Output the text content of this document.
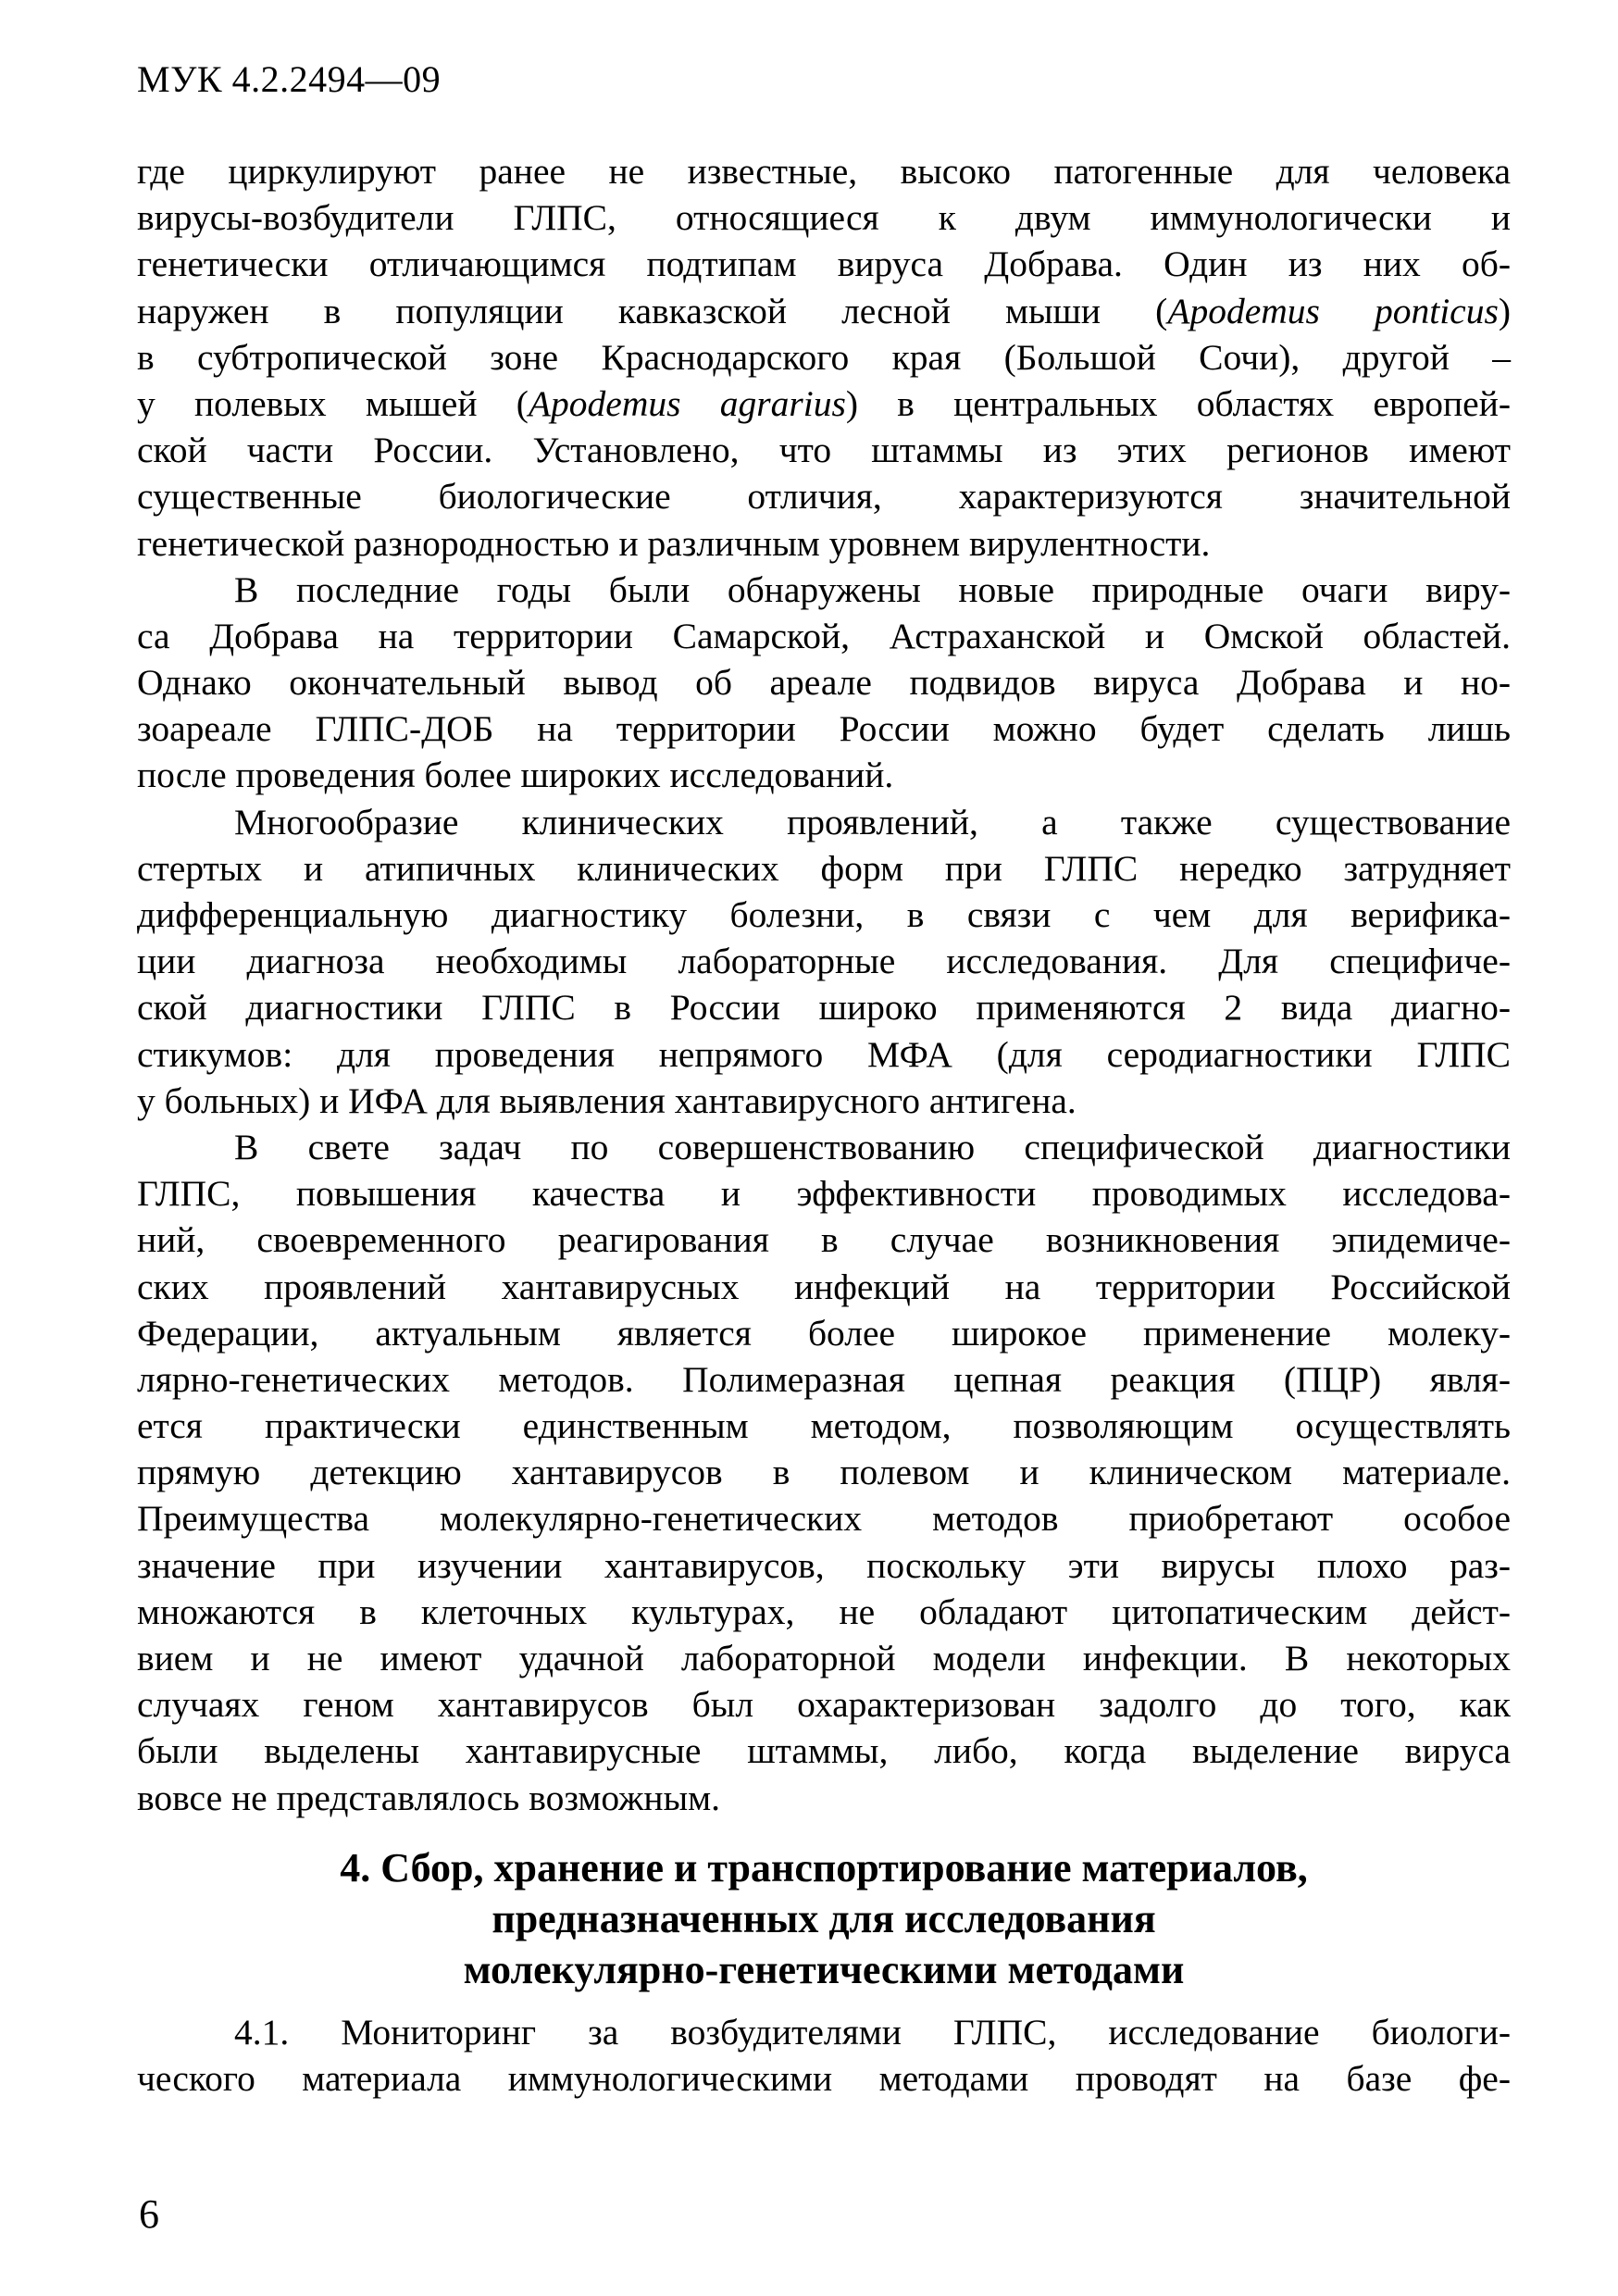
МУК 4.2.2494—09
где циркулируют ранее не известные, высоко патогенные для человека
вирусы-возбудители ГЛПС, относящиеся к двум иммунологически и
генетически отличающимся подтипам вируса Добрава. Один из них об-
наружен в популяции кавказской лесной мыши (Apodemus ponticus)
в субтропической зоне Краснодарского края (Большой Сочи), другой –
у полевых мышей (Apodemus agrarius) в центральных областях европей-
ской части России. Установлено, что штаммы из этих регионов имеют
существенные биологические отличия, характеризуются значительной
генетической разнородностью и различным уровнем вирулентности.
В последние годы были обнаружены новые природные очаги виру-
са Добрава на территории Самарской, Астраханской и Омской областей.
Однако окончательный вывод об ареале подвидов вируса Добрава и но-
зоареале ГЛПС-ДОБ на территории России можно будет сделать лишь
после проведения более широких исследований.
Многообразие клинических проявлений, а также существование
стертых и атипичных клинических форм при ГЛПС нередко затрудняет
дифференциальную диагностику болезни, в связи с чем для верифика-
ции диагноза необходимы лабораторные исследования. Для специфиче-
ской диагностики ГЛПС в России широко применяются 2 вида диагно-
стикумов: для проведения непрямого МФА (для серодиагностики ГЛПС
у больных) и ИФА для выявления хантавирусного антигена.
В свете задач по совершенствованию специфической диагностики
ГЛПС, повышения качества и эффективности проводимых исследова-
ний, своевременного реагирования в случае возникновения эпидемиче-
ских проявлений хантавирусных инфекций на территории Российской
Федерации, актуальным является более широкое применение молеку-
лярно-генетических методов. Полимеразная цепная реакция (ПЦР) явля-
ется практически единственным методом, позволяющим осуществлять
прямую детекцию хантавирусов в полевом и клиническом материале.
Преимущества молекулярно-генетических методов приобретают особое
значение при изучении хантавирусов, поскольку эти вирусы плохо раз-
множаются в клеточных культурах, не обладают цитопатическим дейст-
вием и не имеют удачной лабораторной модели инфекции. В некоторых
случаях геном хантавирусов был охарактеризован задолго до того, как
были выделены хантавирусные штаммы, либо, когда выделение вируса
вовсе не представлялось возможным.
4. Сбор, хранение и транспортирование материалов,
предназначенных для исследования
молекулярно-генетическими методами
4.1. Мониторинг за возбудителями ГЛПС, исследование биологи-
ческого материала иммунологическими методами проводят на базе фе-
6
